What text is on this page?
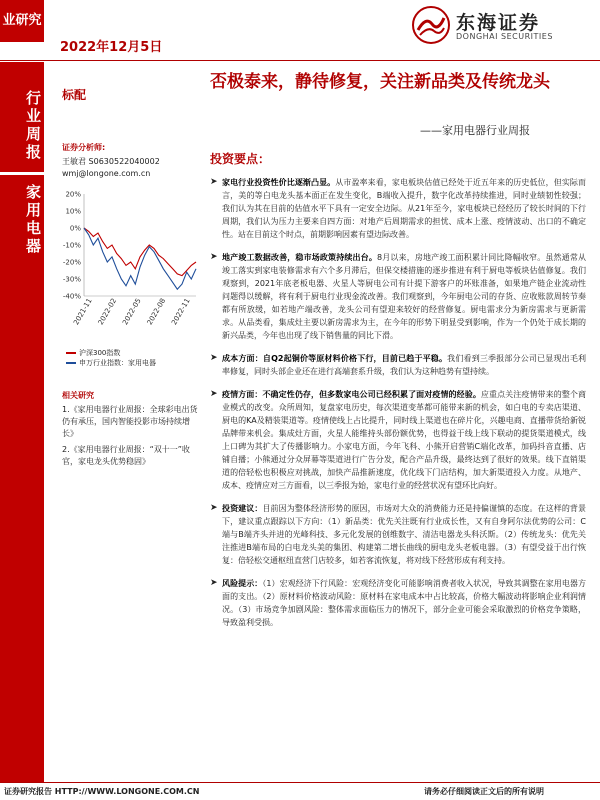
业研究
2022年12月5日
东海证券
DONGHAI SECURITIES
行业周报
家用电器
标配
证券分析师:
王敏君 S0630522040002
wmj@longone.com.cn
20%
10%
0%
-10%
-20%
-30%
-40%
2021-11 2022-02 2022-05 2022-08 2022-11
沪深300指数
申万行业指数：家用电器
相关研究
1.《家用电器行业周报：全球彩电出货仍有承压，国内智能投影市场持续增长》
2.《家用电器行业周报：“双十一”收官，家电龙头优势稳固》
否极泰来，静待修复，关注新品类及传统龙头
——家用电器行业周报
投资要点：
➤ 家电行业投资性价比逐渐凸显。从市盈率来看，家电板块估值已经处于近五年来的历史低位，但实际而言，美的等白电龙头基本面正在发生变化，B端收入提升，数字化改革持续推进，同时业绩韧性较强；我们认为其在目前的估值水平下具有一定安全边际。从21年至今，家电板块已经经历了较长时间的下行周期，我们认为压力主要来自四方面：对地产后周期需求的担忧、成本上涨、疫情波动、出口的不确定性。站在目前这个时点，前期影响因素有望边际改善。
➤ 地产竣工数据改善，稳市场政策持续出台。8月以来，房地产竣工面积累计同比降幅收窄。虽然通常从竣工落实到家电装修需求有六个多月滞后，但保交楼措施的逐步推进有利于厨电等板块估值修复。我们观察到，2021年底老板电器、火星人等厨电公司有计提下游客户的坏账准备，如果地产链企业流动性问题得以缓解，将有利于厨电行业现金流改善。我们观察到，今年厨电公司的存货、应收账款周转节奏都有所放缓，如若地产端改善，龙头公司有望迎来较好的经营修复。厨电需求分为新房需求与更新需求。从品类看，集成灶主要以新房需求为主，在今年的形势下明显受到影响，作为一个仍处于成长期的新兴品类，今年也出现了线下销售量的同比下滑。
➤ 成本方面：自Q2起铜价等原材料价格下行，目前已趋于平稳。我们看到三季报部分公司已显现出毛利率修复，同时头部企业还在进行高端套系升级，我们认为这种趋势有望持续。
➤ 疫情方面：不确定性仍存，但多数家电公司已经积累了面对疫情的经验。应重点关注疫情带来的整个商业模式的改变。众所周知，复盘家电历史，每次渠道变革都可能带来新的机会，如白电的专卖店渠道、厨电的KA及精装渠道等。疫情使线上占比提升，同时线上渠道也在碎片化，兴趣电商、直播带货给新锐品牌带来机会。集成灶方面，火星人能维持头部份额优势，也得益于线上线下联动的提货渠道模式，线上口碑为其扩大了传播影响力。小家电方面，今年飞科、小熊开启营销C端化改革，加码抖音直播、店铺自播；小熊通过分众屏幕等渠道进行广告分发，配合产品升级，最终达到了很好的效果。线下直销渠道的倍轻松也积极应对挑战，加快产品推新速度，优化线下门店结构，加大新渠道投入力度。从地产、成本、疫情应对三方面看，以三季报为始，家电行业的经营状况有望环比向好。
➤ 投资建议：目前因为整体经济形势的原因，市场对大众的消费能力还是持偏谨慎的态度。在这样的背景下，建议重点跟踪以下方向：（1）新品类：优先关注既有行业成长性，又有自身阿尔法优势的公司：C端与B端齐头并进的光峰科技、多元化发展的创维数字、清洁电器龙头科沃斯。（2）传统龙头：优先关注推进B端布局的白电龙头美的集团、构建第二增长曲线的厨电龙头老板电器。（3）有望受益于出行恢复：倍轻松交通枢纽直营门店较多，如若客流恢复，将对线下经营形成有利支持。
➤ 风险提示：（1）宏观经济下行风险：宏观经济变化可能影响消费者收入状况，导致其调整在家用电器方面的支出。（2）原材料价格波动风险：原材料在家电成本中占比较高，价格大幅波动将影响企业利润情况。（3）市场竞争加剧风险：整体需求面临压力的情况下，部分企业可能会采取激烈的价格竞争策略，导致盈利受损。
证券研究报告 HTTP://WWW.LONGONE.COM.CN	请务必仔细阅读正文后的所有说明
